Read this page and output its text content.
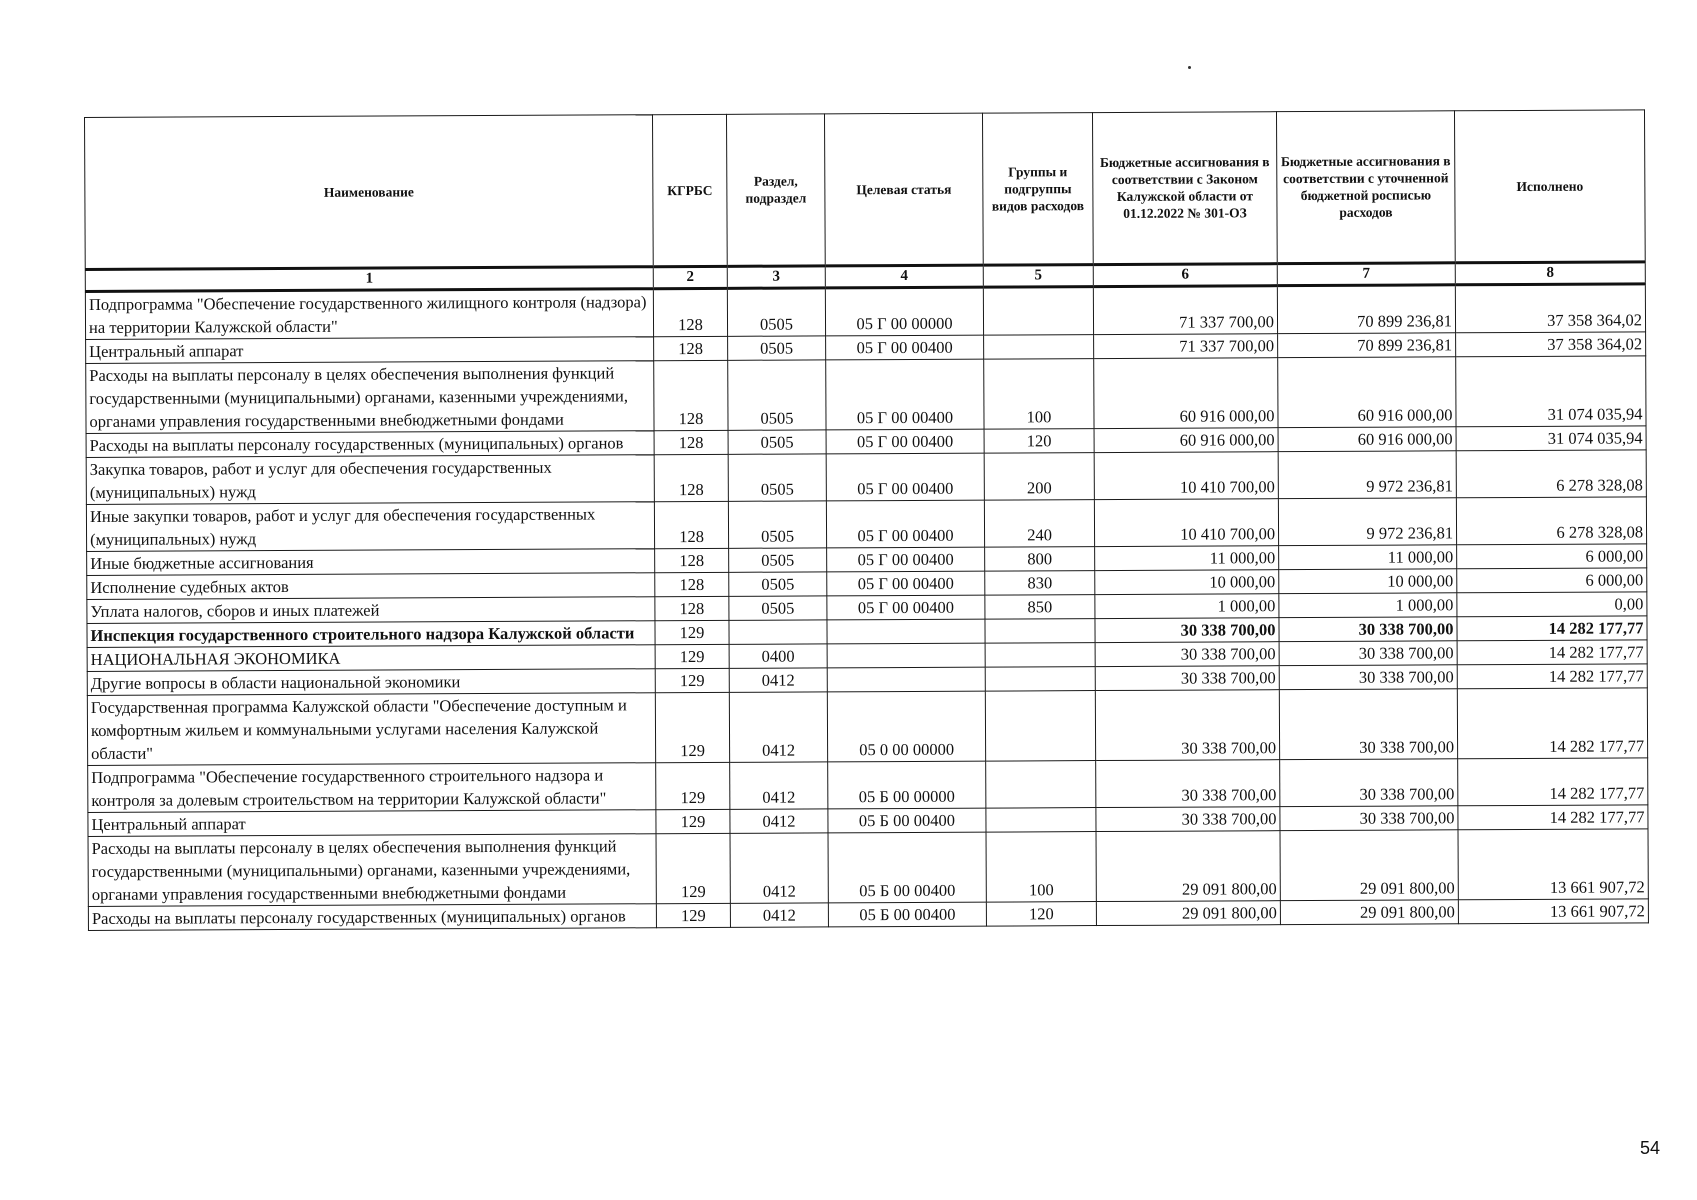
Наименование	КГРБС	Раздел, подраздел	Целевая статья	Группы и подгруппы видов расходов	Бюджетные ассигнования в соответствии с Законом Калужской области от 01.12.2022 № 301-ОЗ	Бюджетные ассигнования в соответствии с уточненной бюджетной росписью расходов	Исполнено
1	2	3	4	5	6	7	8
Подпрограмма "Обеспечение государственного жилищного контроля (надзора) на территории Калужской области"	128	0505	05 Г 00 00000		71 337 700,00	70 899 236,81	37 358 364,02
Центральный аппарат	128	0505	05 Г 00 00400		71 337 700,00	70 899 236,81	37 358 364,02
Расходы на выплаты персоналу в целях обеспечения выполнения функций государственными (муниципальными) органами, казенными учреждениями, органами управления государственными внебюджетными фондами	128	0505	05 Г 00 00400	100	60 916 000,00	60 916 000,00	31 074 035,94
Расходы на выплаты персоналу государственных (муниципальных) органов	128	0505	05 Г 00 00400	120	60 916 000,00	60 916 000,00	31 074 035,94
Закупка товаров, работ и услуг для обеспечения государственных (муниципальных) нужд	128	0505	05 Г 00 00400	200	10 410 700,00	9 972 236,81	6 278 328,08
Иные закупки товаров, работ и услуг для обеспечения государственных (муниципальных) нужд	128	0505	05 Г 00 00400	240	10 410 700,00	9 972 236,81	6 278 328,08
Иные бюджетные ассигнования	128	0505	05 Г 00 00400	800	11 000,00	11 000,00	6 000,00
Исполнение судебных актов	128	0505	05 Г 00 00400	830	10 000,00	10 000,00	6 000,00
Уплата налогов, сборов и иных платежей	128	0505	05 Г 00 00400	850	1 000,00	1 000,00	0,00
Инспекция государственного строительного надзора Калужской области	129				30 338 700,00	30 338 700,00	14 282 177,77
НАЦИОНАЛЬНАЯ ЭКОНОМИКА	129	0400			30 338 700,00	30 338 700,00	14 282 177,77
Другие вопросы в области национальной экономики	129	0412			30 338 700,00	30 338 700,00	14 282 177,77
Государственная программа Калужской области "Обеспечение доступным и комфортным жильем и коммунальными услугами населения Калужской области"	129	0412	05 0 00 00000		30 338 700,00	30 338 700,00	14 282 177,77
Подпрограмма "Обеспечение государственного строительного надзора и контроля за долевым строительством на территории Калужской области"	129	0412	05 Б 00 00000		30 338 700,00	30 338 700,00	14 282 177,77
Центральный аппарат	129	0412	05 Б 00 00400		30 338 700,00	30 338 700,00	14 282 177,77
Расходы на выплаты персоналу в целях обеспечения выполнения функций государственными (муниципальными) органами, казенными учреждениями, органами управления государственными внебюджетными фондами	129	0412	05 Б 00 00400	100	29 091 800,00	29 091 800,00	13 661 907,72
Расходы на выплаты персоналу государственных (муниципальных) органов	129	0412	05 Б 00 00400	120	29 091 800,00	29 091 800,00	13 661 907,72
54
